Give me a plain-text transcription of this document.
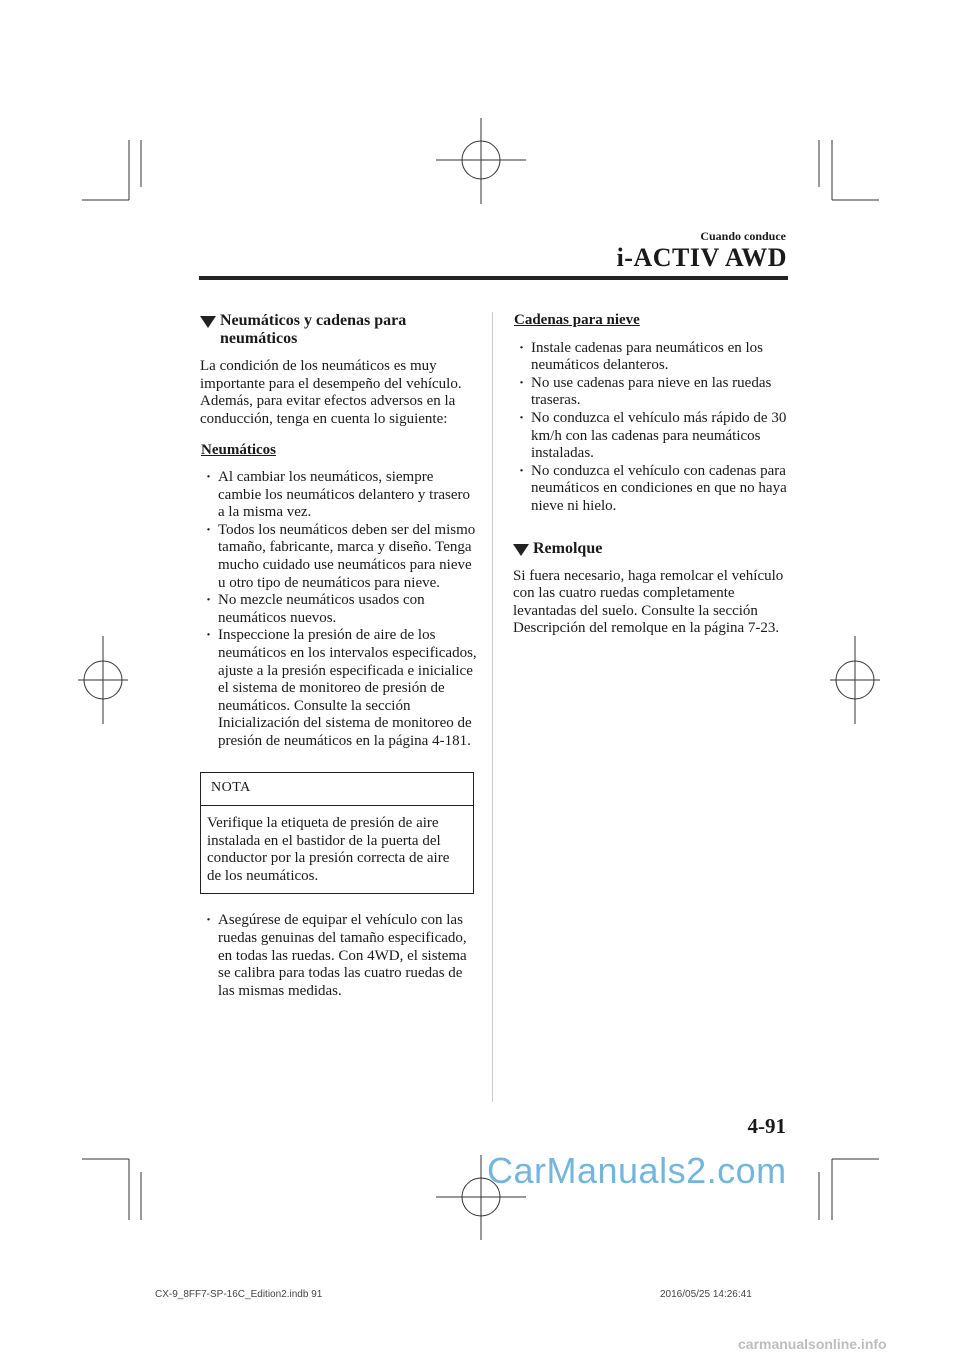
Cuando conduce
i-ACTIV AWD
Neumáticos y cadenas para neumáticos

La condición de los neumáticos es muy importante para el desempeño del vehículo. Además, para evitar efectos adversos en la conducción, tenga en cuenta lo siguiente:

Neumáticos
· Al cambiar los neumáticos, siempre cambie los neumáticos delantero y trasero a la misma vez.
· Todos los neumáticos deben ser del mismo tamaño, fabricante, marca y diseño. Tenga mucho cuidado use neumáticos para nieve u otro tipo de neumáticos para nieve.
· No mezcle neumáticos usados con neumáticos nuevos.
· Inspeccione la presión de aire de los neumáticos en los intervalos especificados, ajuste a la presión especificada e inicialice el sistema de monitoreo de presión de neumáticos. Consulte la sección Inicialización del sistema de monitoreo de presión de neumáticos en la página 4-181.
NOTA
Verifique la etiqueta de presión de aire instalada en el bastidor de la puerta del conductor por la presión correcta de aire de los neumáticos.
· Asegúrese de equipar el vehículo con las ruedas genuinas del tamaño especificado, en todas las ruedas. Con 4WD, el sistema se calibra para todas las cuatro ruedas de las mismas medidas.
Cadenas para nieve
· Instale cadenas para neumáticos en los neumáticos delanteros.
· No use cadenas para nieve en las ruedas traseras.
· No conduzca el vehículo más rápido de 30 km/h con las cadenas para neumáticos instaladas.
· No conduzca el vehículo con cadenas para neumáticos en condiciones en que no haya nieve ni hielo.
Remolque

Si fuera necesario, haga remolcar el vehículo con las cuatro ruedas completamente levantadas del suelo. Consulte la sección Descripción del remolque en la página 7-23.

4-91
CarManuals2.com
CX-9_8FF7-SP-16C_Edition2.indb 91	2016/05/25 14:26:41
carmanualsonline.info
